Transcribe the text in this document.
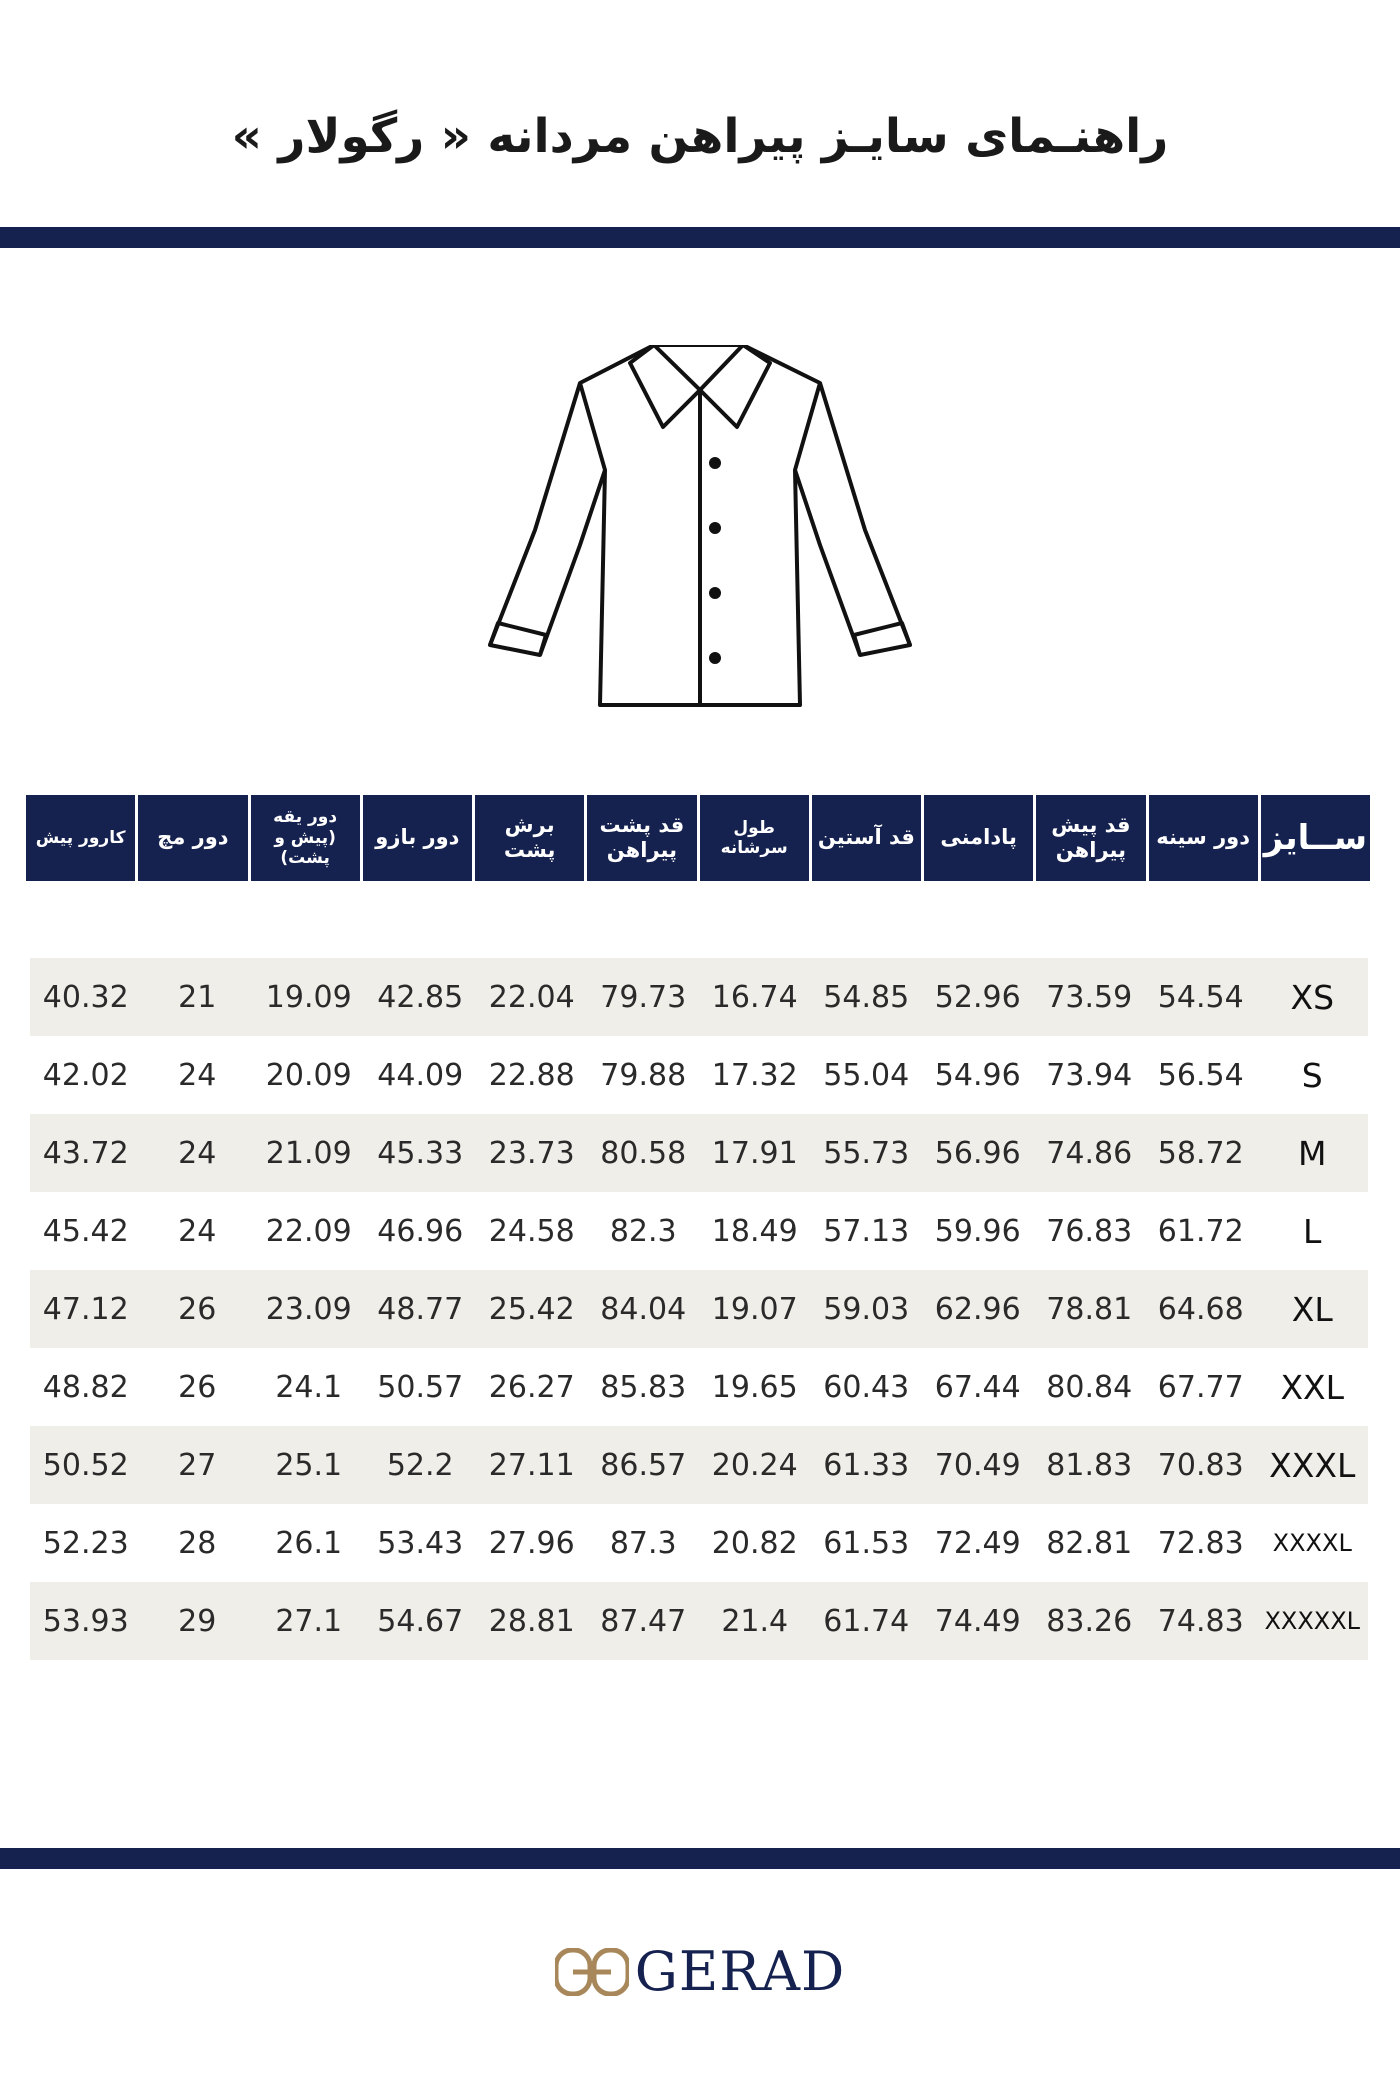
راهنـمای سایـز پیراهن مردانه « رگولار »
ســایز
دور سینه
قد پیش پیراهن
پادامنی
قد آستین
طول سرشانه
قد پشت پیراهن
برش پشت
دور بازو
دور یقه (پیش و پشت)
دور مچ
کارور پیش
XS
54.54
73.59
52.96
54.85
16.74
79.73
22.04
42.85
19.09
21
40.32
S
56.54
73.94
54.96
55.04
17.32
79.88
22.88
44.09
20.09
24
42.02
M
58.72
74.86
56.96
55.73
17.91
80.58
23.73
45.33
21.09
24
43.72
L
61.72
76.83
59.96
57.13
18.49
82.3
24.58
46.96
22.09
24
45.42
XL
64.68
78.81
62.96
59.03
19.07
84.04
25.42
48.77
23.09
26
47.12
XXL
67.77
80.84
67.44
60.43
19.65
85.83
26.27
50.57
24.1
26
48.82
XXXL
70.83
81.83
70.49
61.33
20.24
86.57
27.11
52.2
25.1
27
50.52
XXXXL
72.83
82.81
72.49
61.53
20.82
87.3
27.96
53.43
26.1
28
52.23
XXXXXL
74.83
83.26
74.49
61.74
21.4
87.47
28.81
54.67
27.1
29
53.93
GERAD
